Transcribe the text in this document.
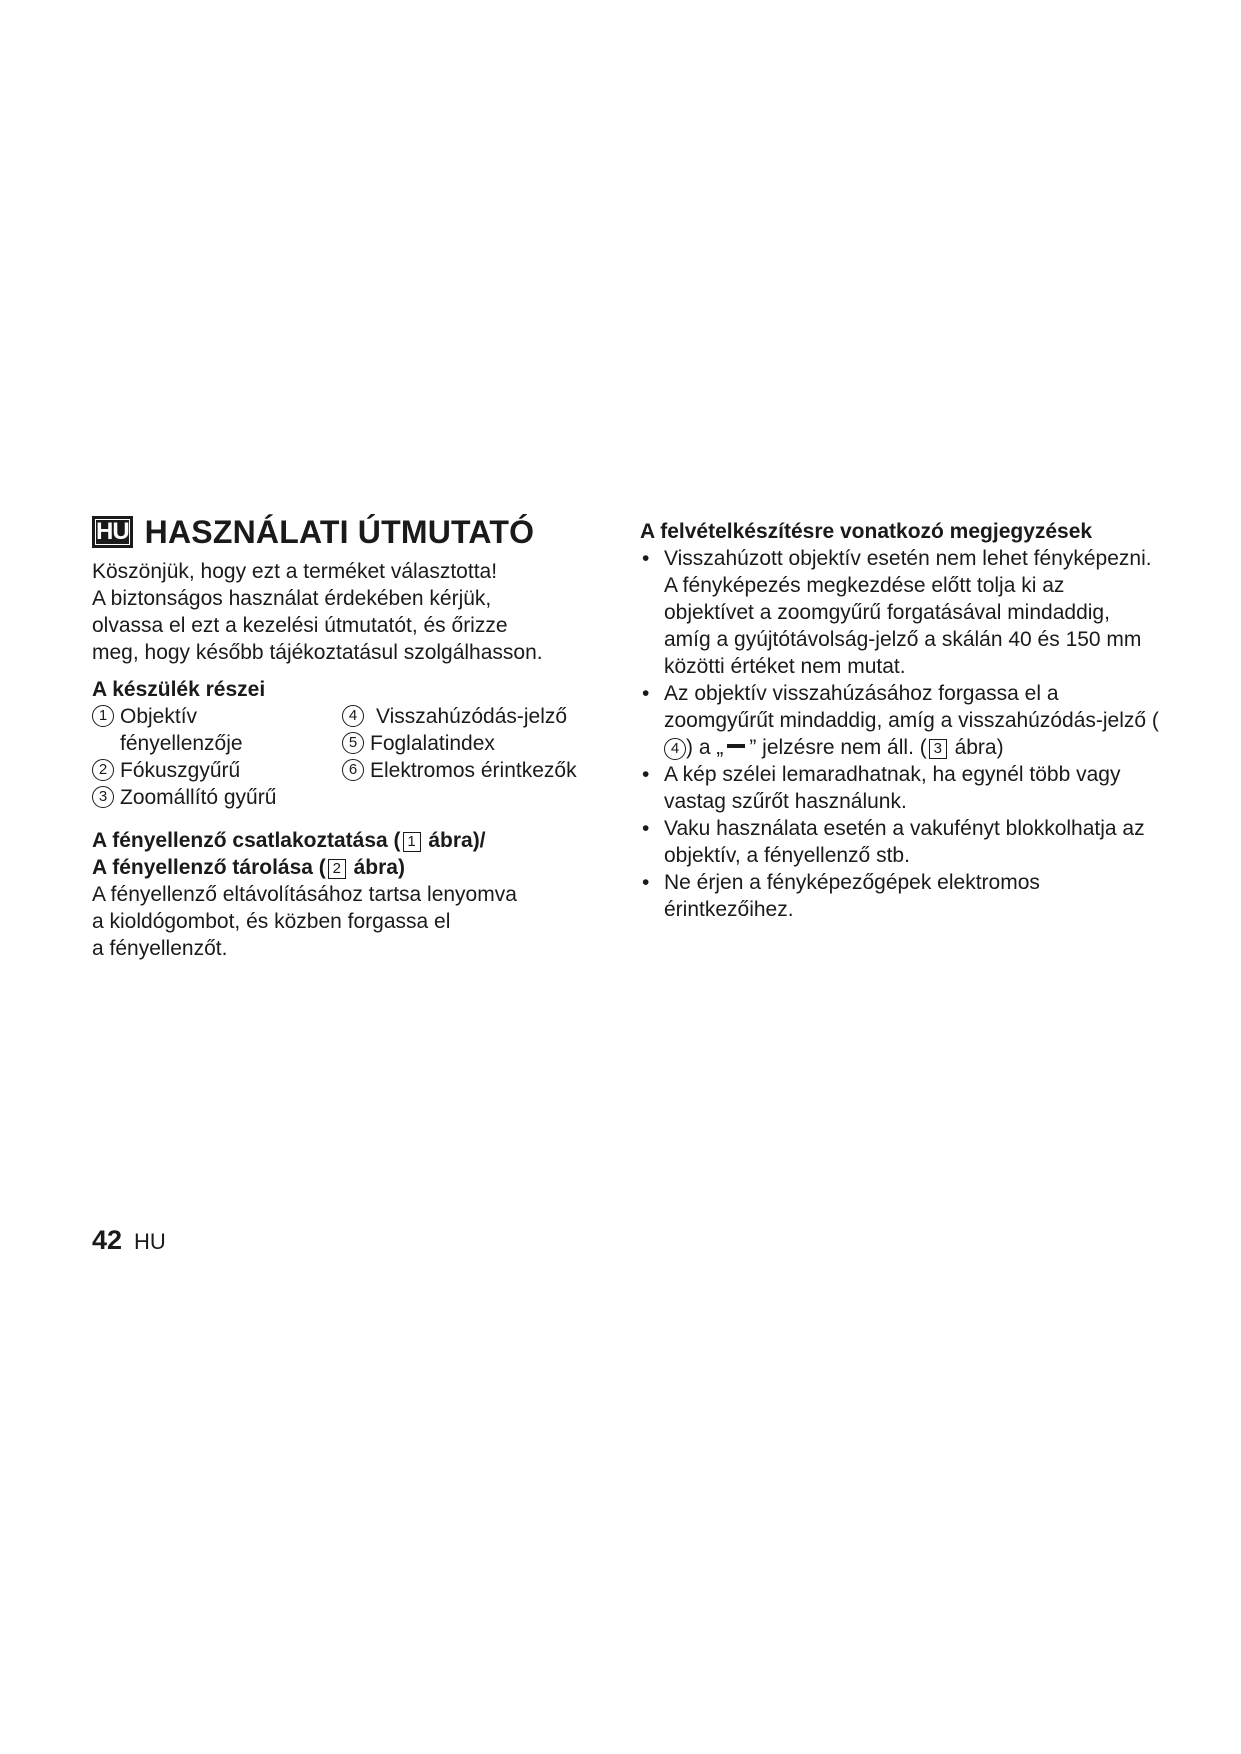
HU HASZNÁLATI ÚTMUTATÓ

Köszönjük, hogy ezt a terméket választotta!

A biztonságos használat érdekében kérjük,

olvassa el ezt a kezelési útmutatót, és őrizze

meg, hogy később tájékoztatásul szolgálhasson.

A készülék részei
1 Objektív fényellenzője
4 Visszahúzódás-jelző
5 Foglalatindex
2 Fókuszgyűrű	6 Elektromos érintkezők
3 Zoomállító gyűrű
A fényellenző csatlakoztatása ( 1 ábra)/
A fényellenző tárolása ( 2 ábra)

A fényellenző eltávolításához tartsa lenyomva

a kioldógombot, és közben forgassa el

a fényellenzőt.

A felvételkészítésre vonatkozó megjegyzések
• Visszahúzott objektív esetén nem lehet fényképezni. A fényképezés megkezdése előtt tolja ki az objektívet a zoomgyűrű forgatásával mindaddig, amíg a gyújtótávolság-jelző a skálán 40 és 150 mm közötti értéket nem mutat.
• Az objektív visszahúzásához forgassa el a zoomgyűrűt mindaddig, amíg a visszahúzódás-jelző (4 ) a „ ” jelzésre nem áll. ( 3 ábra)
• A kép szélei lemaradhatnak, ha egynél több vagy vastag szűrőt használunk.
• Vaku használata esetén a vakufényt blokkolhatja az objektív, a fényellenző stb.
• Ne érjen a fényképezőgépek elektromos érintkezőihez.
42 HU
